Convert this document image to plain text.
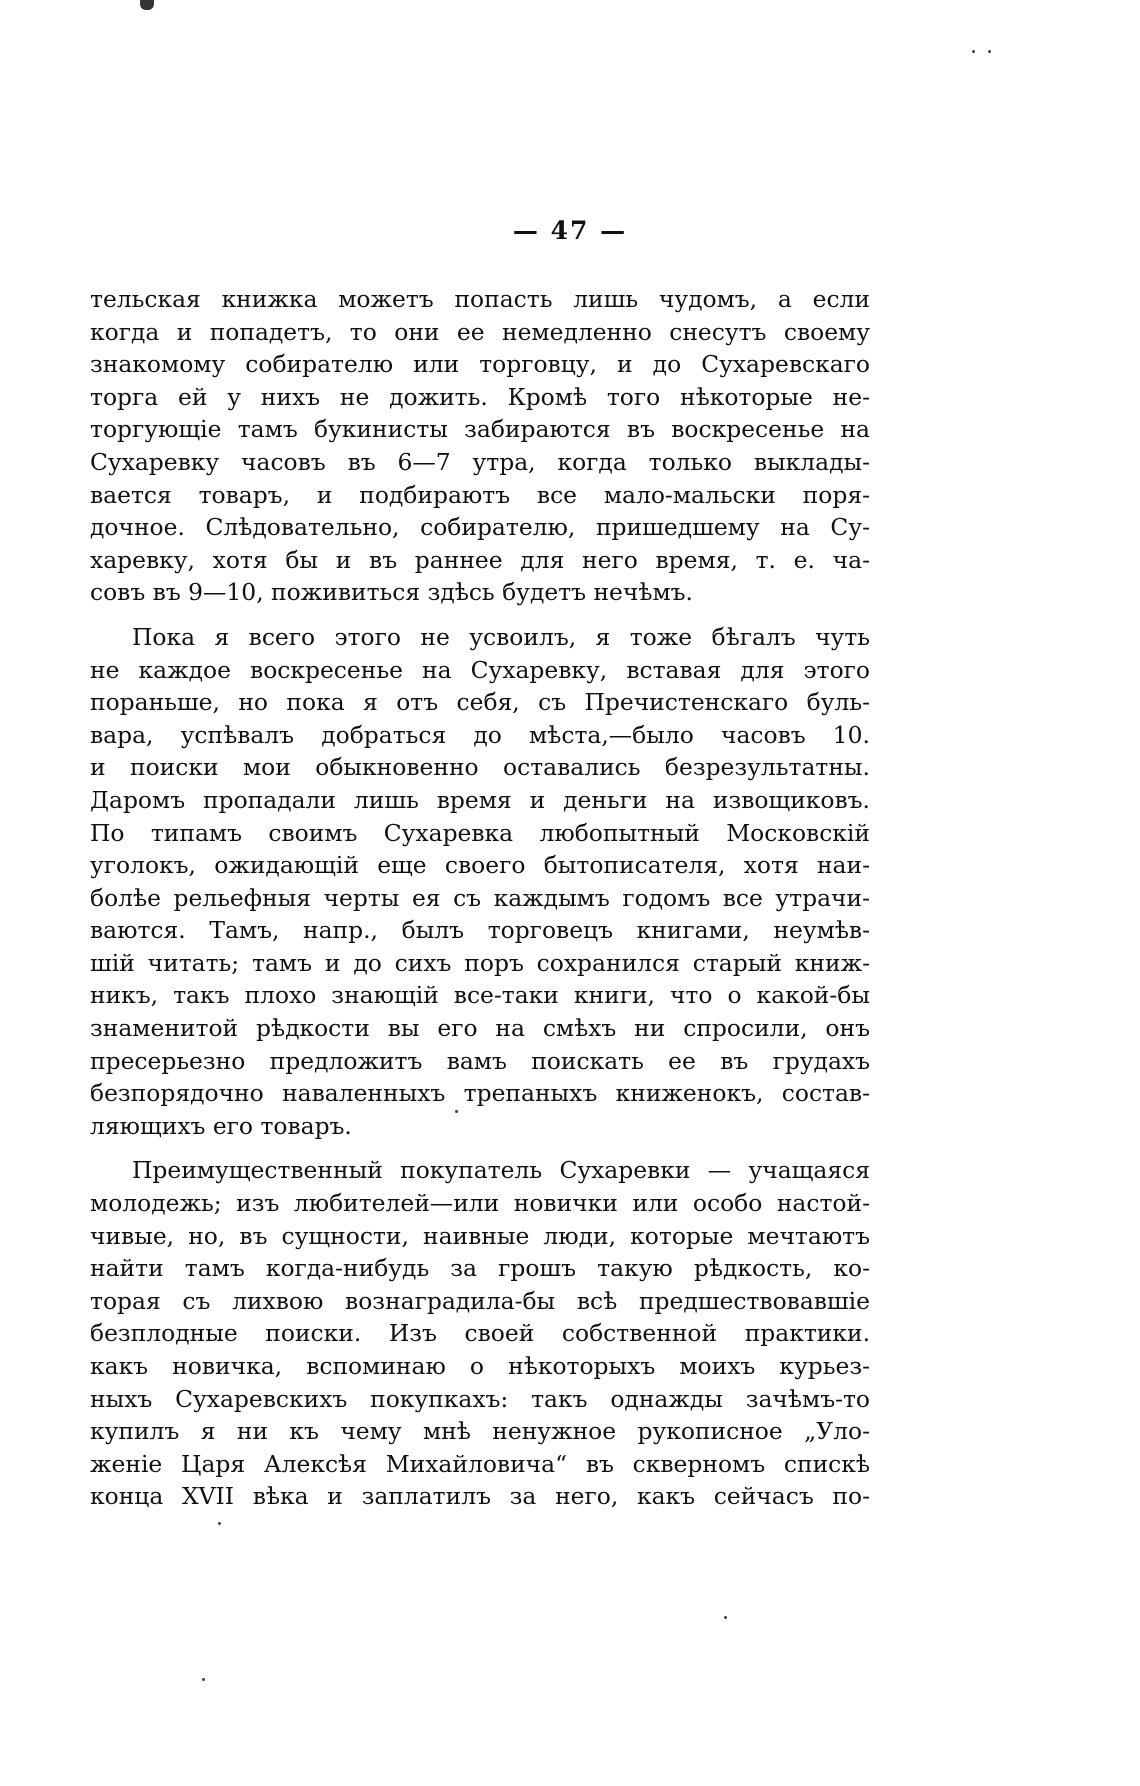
— 47 —
тельская книжка можетъ попасть лишь чудомъ, а если
когда и попадетъ, то они ее немедленно снесутъ своему
знакомому собирателю или торговцу, и до Сухаревскаго
торга ей у нихъ не дожить. Кромѣ того нѣкоторые не-
торгующіе тамъ букинисты забираются въ воскресенье на
Сухаревку часовъ въ 6—7 утра, когда только выклады-
вается товаръ, и подбираютъ все мало-мальски поря-
дочное. Слѣдовательно, собирателю, пришедшему на Су-
харевку, хотя бы и въ раннее для него время, т. е. ча-
совъ въ 9—10, поживиться здѣсь будетъ нечѣмъ.
Пока я всего этого не усвоилъ, я тоже бѣгалъ чуть
не каждое воскресенье на Сухаревку, вставая для этого
пораньше, но пока я отъ себя, съ Пречистенскаго буль-
вара, успѣвалъ добраться до мѣста,—было часовъ 10.
и поиски мои обыкновенно оставались безрезультатны.
Даромъ пропадали лишь время и деньги на извощиковъ.
По типамъ своимъ Сухаревка любопытный Московскій
уголокъ, ожидающій еще своего бытописателя, хотя наи-
болѣе рельефныя черты ея съ каждымъ годомъ все утрачи-
ваются. Тамъ, напр., былъ торговецъ книгами, неумѣв-
шій читать; тамъ и до сихъ поръ сохранился старый книж-
никъ, такъ плохо знающій все-таки книги, что о какой-бы
знаменитой рѣдкости вы его на смѣхъ ни спросили, онъ
пресерьезно предложитъ вамъ поискать ее въ грудахъ
безпорядочно наваленныхъ трепаныхъ книженокъ, состав-
ляющихъ его товаръ.
Преимущественный покупатель Сухаревки — учащаяся
молодежь; изъ любителей—или новички или особо настой-
чивые, но, въ сущности, наивные люди, которые мечтаютъ
найти тамъ когда-нибудь за грошъ такую рѣдкость, ко-
торая съ лихвою вознаградила-бы всѣ предшествовавшіе
безплодные поиски. Изъ своей собственной практики.
какъ новичка, вспоминаю о нѣкоторыхъ моихъ курьез-
ныхъ Сухаревскихъ покупкахъ: такъ однажды зачѣмъ-то
купилъ я ни къ чему мнѣ ненужное рукописное „Уло-
женіе Царя Алексѣя Михайловича“ въ скверномъ спискѣ
конца XVII вѣка и заплатилъ за него, какъ сейчасъ по-
